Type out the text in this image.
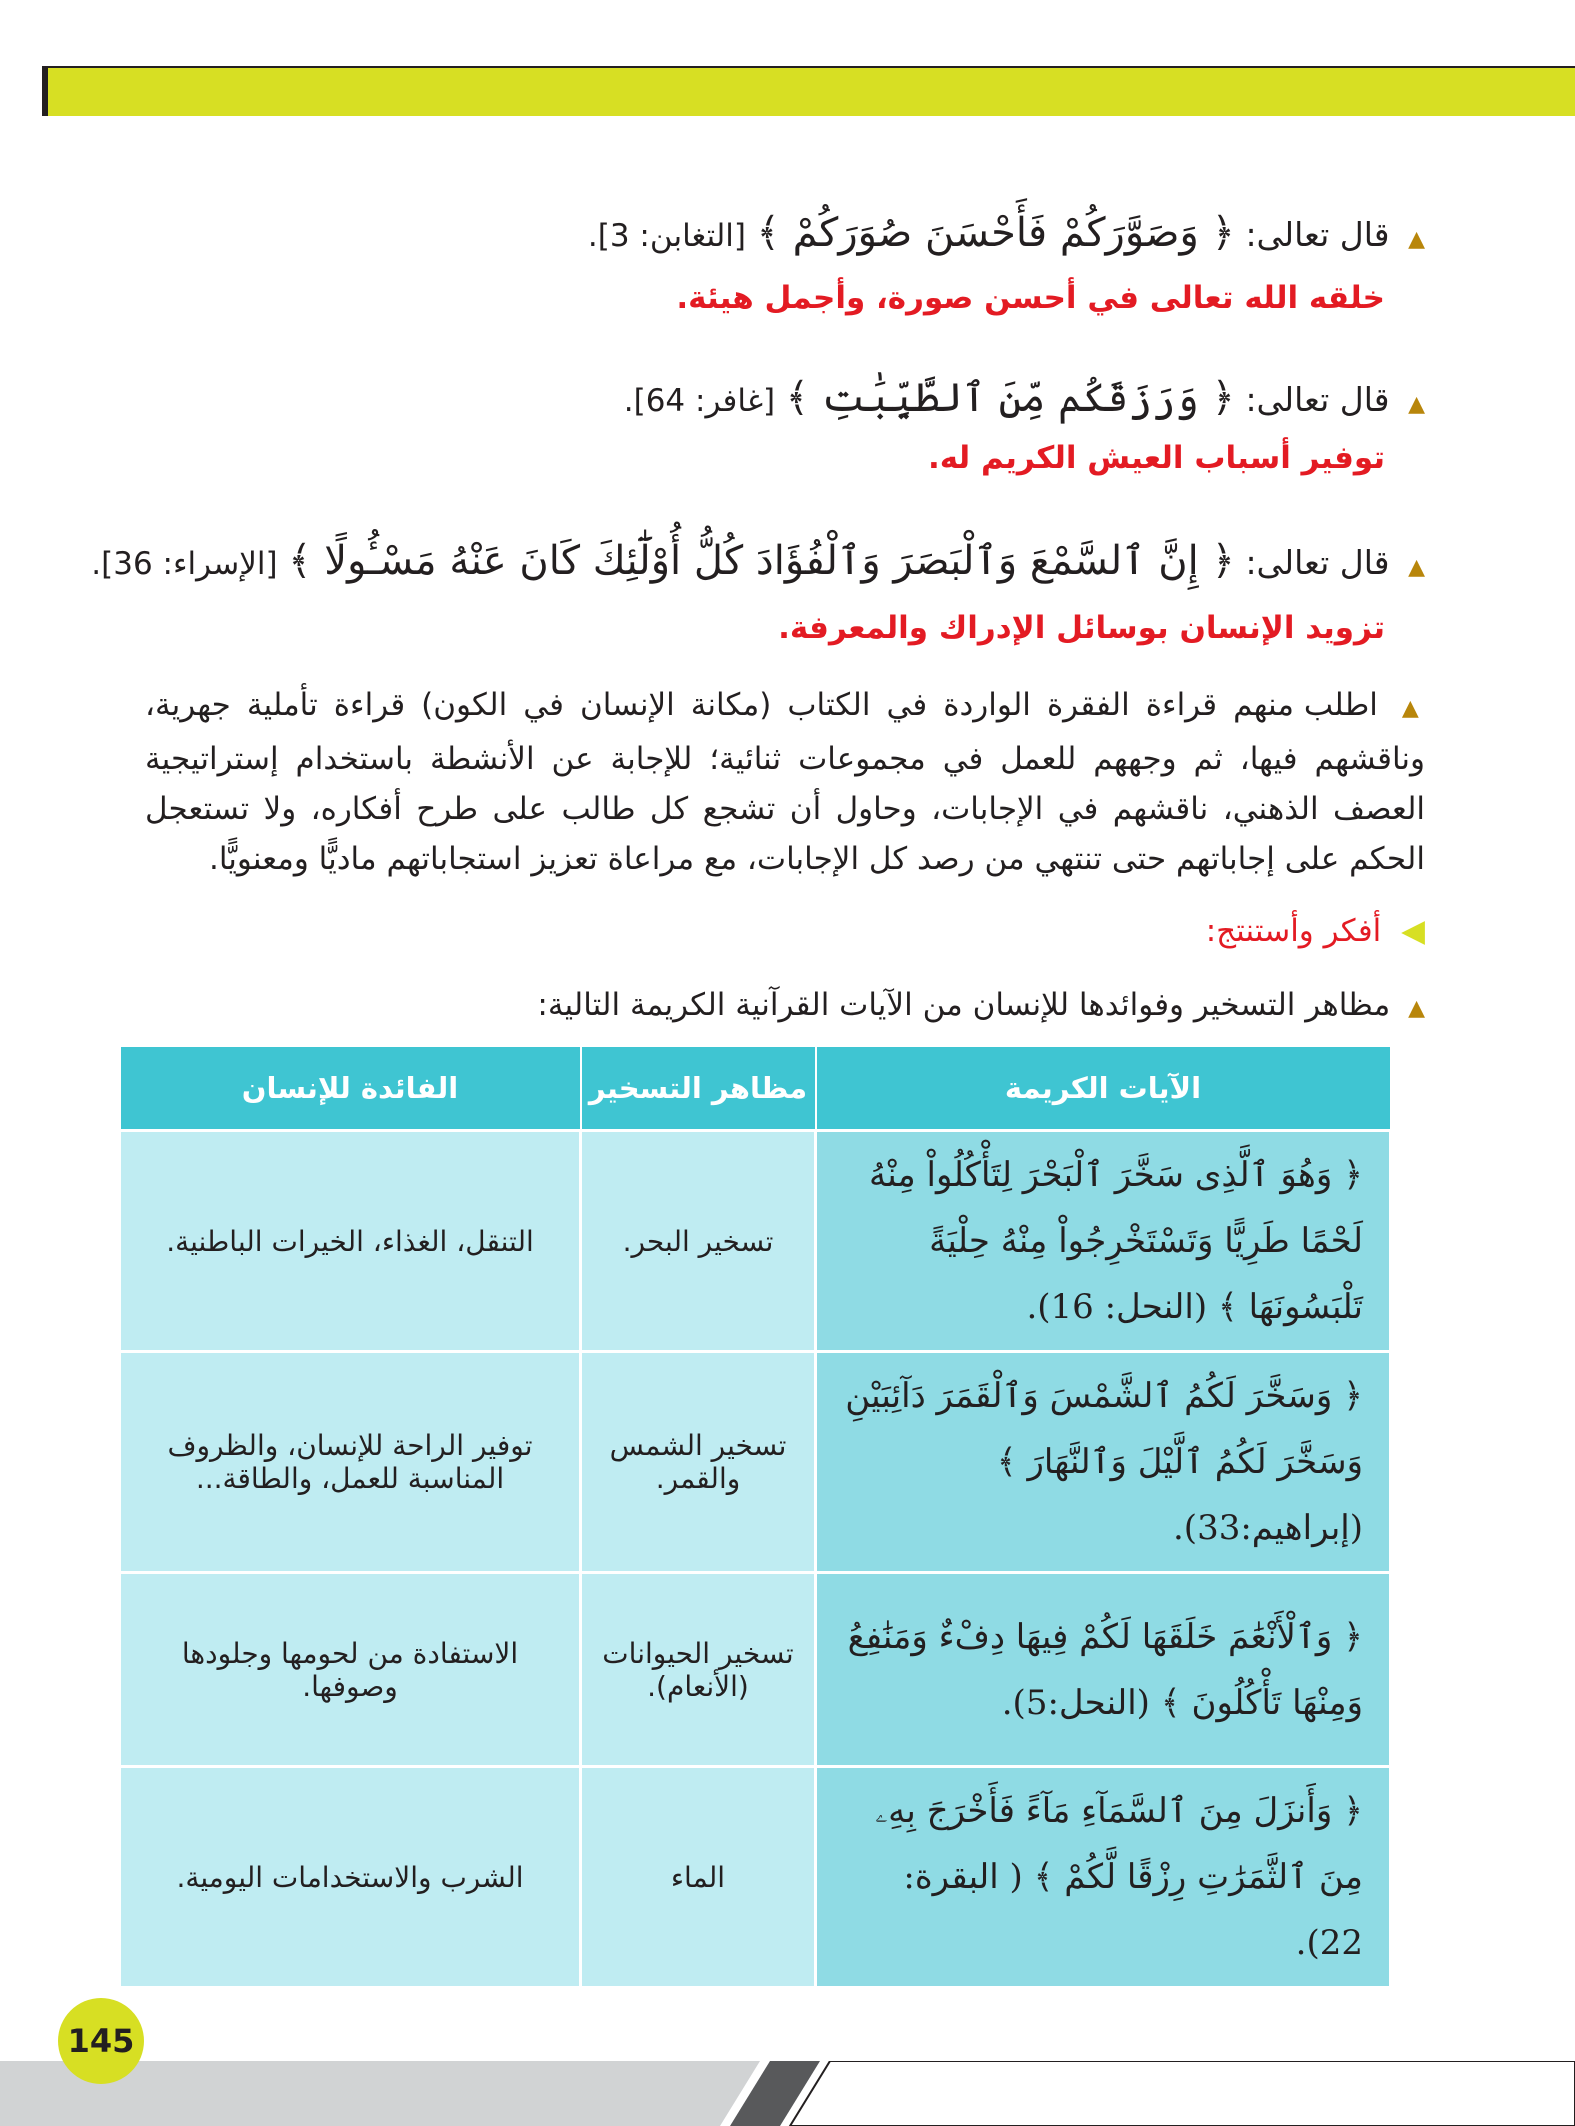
▲ قال تعالى: ﴿ وَصَوَّرَكُمْ فَأَحْسَنَ صُوَرَكُمْ ﴾ [التغابن: 3].
خلقه الله تعالى في أحسن صورة، وأجمل هيئة.
▲ قال تعالى: ﴿ وَرَزَقَكُم مِّنَ ٱلطَّيِّبَٰتِ ﴾ [غافر: 64].
توفير أسباب العيش الكريم له.
▲ قال تعالى: ﴿ إِنَّ ٱلسَّمْعَ وَٱلْبَصَرَ وَٱلْفُؤَادَ كُلُّ أُوْلَٰٓئِكَ كَانَ عَنْهُ مَسْـُٔولًا ﴾ [الإسراء: 36].
تزويد الإنسان بوسائل الإدراك والمعرفة.
▲ اطلب منهم قراءة الفقرة الواردة في الكتاب (مكانة الإنسان في الكون) قراءة تأملية جهرية، وناقشهم فيها، ثم وجههم للعمل في مجموعات ثنائية؛ للإجابة عن الأنشطة باستخدام إستراتيجية العصف الذهني، ناقشهم في الإجابات، وحاول أن تشجع كل طالب على طرح أفكاره، ولا تستعجل الحكم على إجاباتهم حتى تنتهي من رصد كل الإجابات، مع مراعاة تعزيز استجاباتهم ماديًّا ومعنويًّا.
◀ أفكر وأستنتج:
▲ مظاهر التسخير وفوائدها للإنسان من الآيات القرآنية الكريمة التالية:
الآيات الكريمة	مظاهر التسخير	الفائدة للإنسان
﴿ وَهُوَ ٱلَّذِى سَخَّرَ ٱلْبَحْرَ لِتَأْكُلُواْ مِنْهُ لَحْمًا طَرِيًّا وَتَسْتَخْرِجُواْ مِنْهُ حِلْيَةً تَلْبَسُونَهَا ﴾ (النحل: 16).	تسخير البحر.	التنقل، الغذاء، الخيرات الباطنية.
﴿ وَسَخَّرَ لَكُمُ ٱلشَّمْسَ وَٱلْقَمَرَ دَآئِبَيْنِ وَسَخَّرَ لَكُمُ ٱلَّيْلَ وَٱلنَّهَارَ ﴾ (إبراهيم:33).	تسخير الشمس والقمر.	توفير الراحة للإنسان، والظروف المناسبة للعمل، والطاقة...
﴿ وَٱلْأَنْعَٰمَ خَلَقَهَا لَكُمْ فِيهَا دِفْءٌ وَمَنَٰفِعُ وَمِنْهَا تَأْكُلُونَ ﴾ (النحل:5).	تسخير الحيوانات (الأنعام).	الاستفادة من لحومها وجلودها وصوفها.
﴿ وَأَنزَلَ مِنَ ٱلسَّمَآءِ مَآءً فَأَخْرَجَ بِهِۦ مِنَ ٱلثَّمَرَٰتِ رِزْقًا لَّكُمْ ﴾ ( البقرة: 22).	الماء	الشرب والاستخدامات اليومية.
145
